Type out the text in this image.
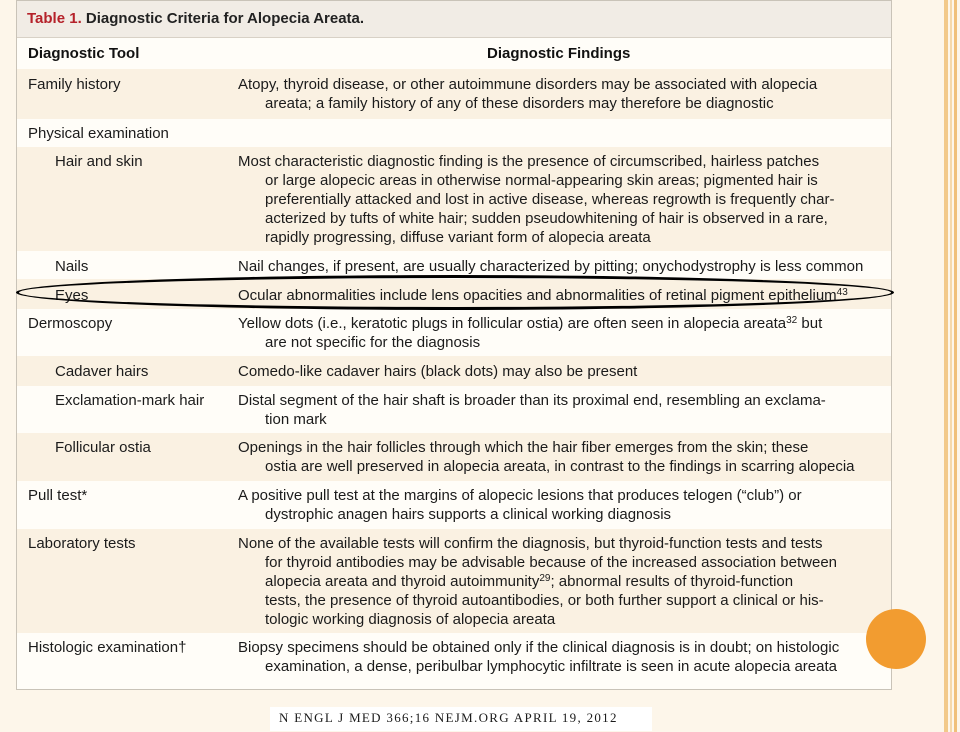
Table 1. Diagnostic Criteria for Alopecia Areata.
Diagnostic Tool	Diagnostic Findings
Family history	Atopy, thyroid disease, or other autoimmune disorders may be associated with alopecia
areata; a family history of any of these disorders may therefore be diagnostic
Physical examination
Hair and skin	Most characteristic diagnostic finding is the presence of circumscribed, hairless patches
or large alopecic areas in otherwise normal-appearing skin areas; pigmented hair is
preferentially attacked and lost in active disease, whereas regrowth is frequently char-
acterized by tufts of white hair; sudden pseudowhitening of hair is observed in a rare,
rapidly progressing, diffuse variant form of alopecia areata
Nails	Nail changes, if present, are usually characterized by pitting; onychodystrophy is less common
Eyes	Ocular abnormalities include lens opacities and abnormalities of retinal pigment epithelium$^{43}$
Dermoscopy	Yellow dots (i.e., keratotic plugs in follicular ostia) are often seen in alopecia areata$^{32}$ but
are not specific for the diagnosis
Cadaver hairs	Comedo-like cadaver hairs (black dots) may also be present
Exclamation-mark hair Distal segment of the hair shaft is broader than its proximal end, resembling an exclama-
tion mark
Follicular ostia	Openings in the hair follicles through which the hair fiber emerges from the skin; these
ostia are well preserved in alopecia areata, in contrast to the findings in scarring alopecia
Pull test*	A positive pull test at the margins of alopecic lesions that produces telogen (“club”) or
dystrophic anagen hairs supports a clinical working diagnosis
Laboratory tests	None of the available tests will confirm the diagnosis, but thyroid-function tests and tests
for thyroid antibodies may be advisable because of the increased association between
alopecia areata and thyroid autoimmunity$^{29}$; abnormal results of thyroid-function
tests, the presence of thyroid autoantibodies, or both further support a clinical or his-
tologic working diagnosis of alopecia areata
Histologic examination†	Biopsy specimens should be obtained only if the clinical diagnosis is in doubt; on histologic
examination, a dense, peribulbar lymphocytic infiltrate is seen in acute alopecia areata
N ENGL J MED 366;16 NEJM.ORG APRIL 19, 2012
